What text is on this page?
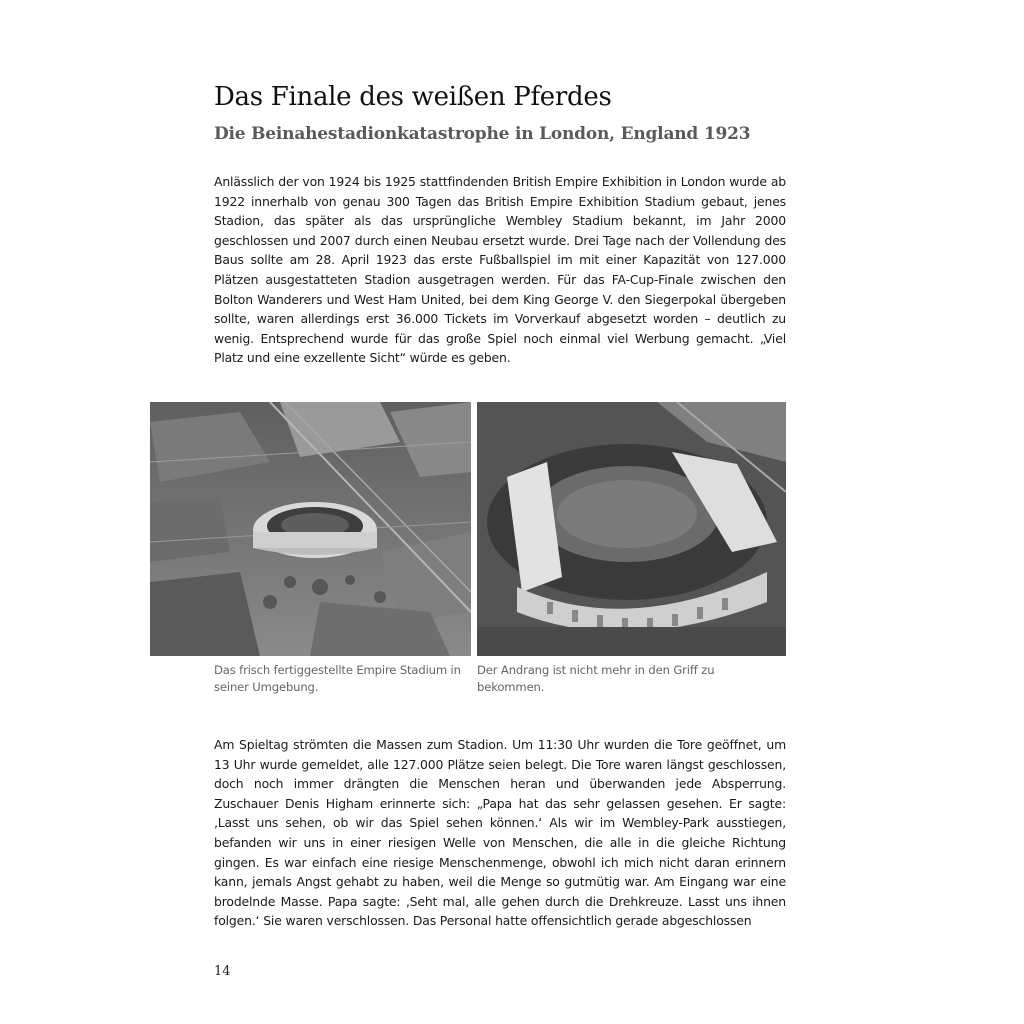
Das Finale des weißen Pferdes
Die Beinahestadionkatastrophe in London, England 1923

Anlässlich der von 1924 bis 1925 stattfindenden British Empire Exhibition in London wurde ab 1922 innerhalb von genau 300 Tagen das British Empire Exhibition Stadium gebaut, jenes Stadion, das später als das ursprüngliche Wembley Stadium bekannt, im Jahr 2000 geschlossen und 2007 durch einen Neubau ersetzt wurde. Drei Tage nach der Vollendung des Baus sollte am 28. April 1923 das erste Fußballspiel im mit einer Kapazität von 127.000 Plätzen ausgestatteten Stadion ausgetragen werden. Für das FA-Cup-Finale zwischen den Bolton Wanderers und West Ham United, bei dem King George V. den Siegerpokal übergeben sollte, waren allerdings erst 36.000 Tickets im Vorverkauf abgesetzt worden – deutlich zu wenig. Entsprechend wurde für das große Spiel noch einmal viel Werbung gemacht. „Viel Platz und eine exzellente Sicht“ würde es geben.

Das frisch fertiggestellte Empire Stadium in seiner Umgebung.

Der Andrang ist nicht mehr in den Griff zu bekommen.

Am Spieltag strömten die Massen zum Stadion. Um 11:30 Uhr wurden die Tore geöffnet, um 13 Uhr wurde gemeldet, alle 127.000 Plätze seien belegt. Die Tore waren längst geschlossen, doch noch immer drängten die Menschen heran und überwanden jede Absperrung. Zuschauer Denis Higham erinnerte sich: „Papa hat das sehr gelassen gesehen. Er sagte: ‚Lasst uns sehen, ob wir das Spiel sehen können.‘ Als wir im Wembley-Park ausstiegen, befanden wir uns in einer riesigen Welle von Menschen, die alle in die gleiche Richtung gingen. Es war einfach eine riesige Menschenmenge, obwohl ich mich nicht daran erinnern kann, jemals Angst gehabt zu haben, weil die Menge so gutmütig war. Am Eingang war eine brodelnde Masse. Papa sagte: ‚Seht mal, alle gehen durch die Drehkreuze. Lasst uns ihnen folgen.‘ Sie waren verschlossen. Das Personal hatte offensichtlich gerade abgeschlossen

14
